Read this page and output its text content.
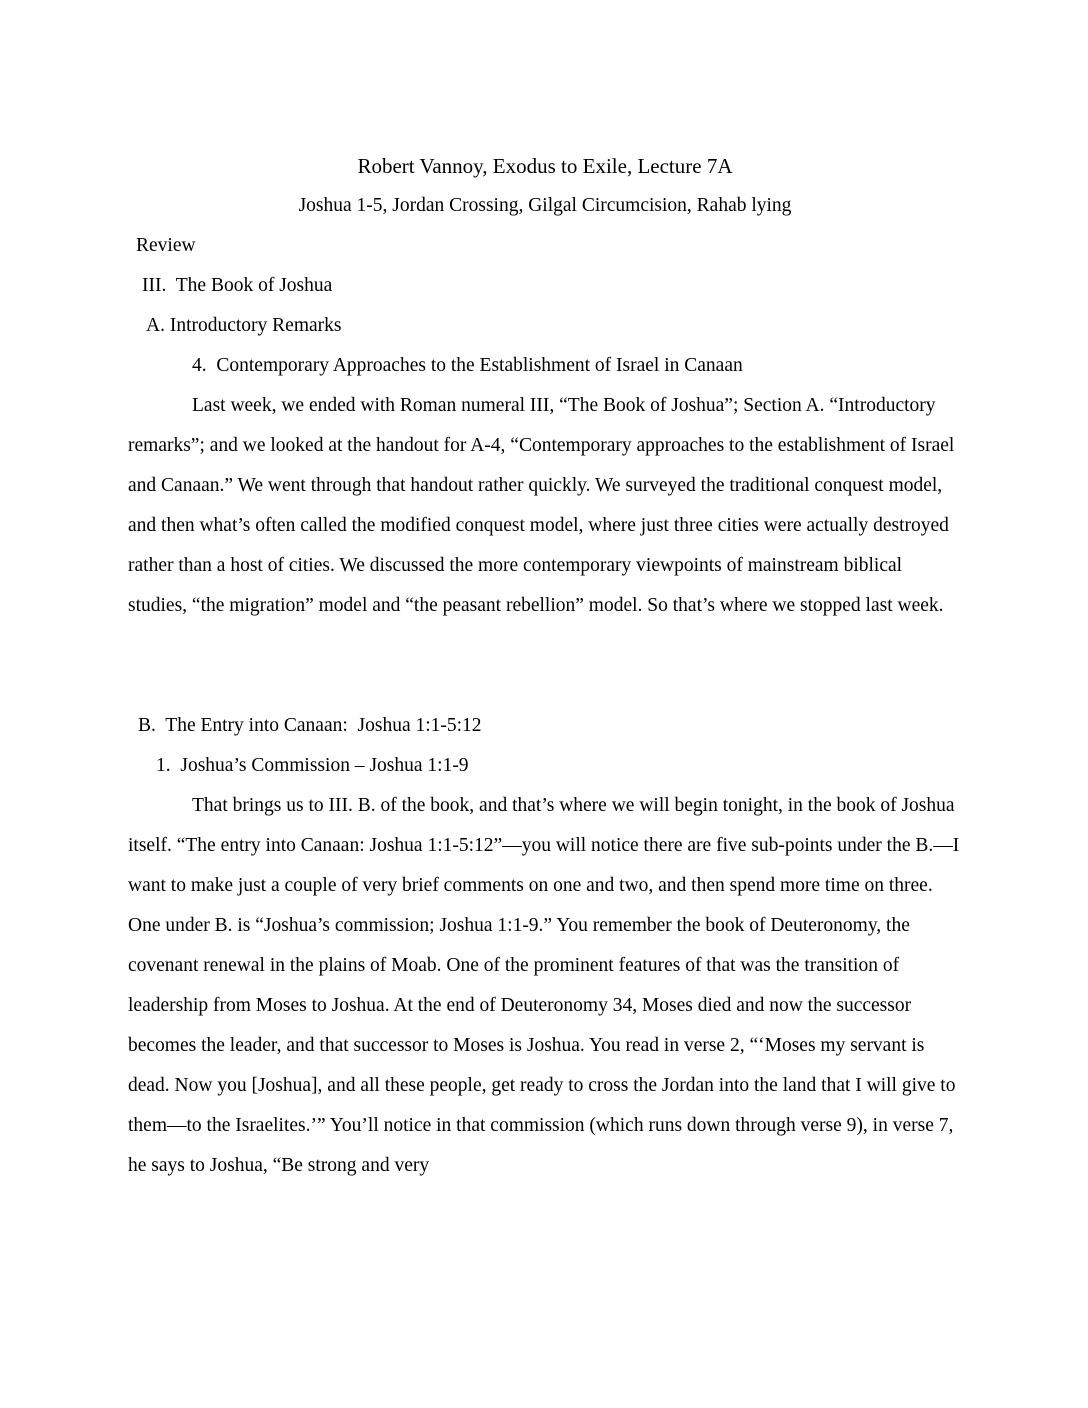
Robert Vannoy, Exodus to Exile, Lecture 7A
Joshua 1-5, Jordan Crossing, Gilgal Circumcision, Rahab lying
Review
III.  The Book of Joshua
A. Introductory Remarks
4.  Contemporary Approaches to the Establishment of Israel in Canaan

Last week, we ended with Roman numeral III, “The Book of Joshua”; Section A. “Introductory remarks”; and we looked at the handout for A-4, “Contemporary approaches to the establishment of Israel and Canaan.” We went through that handout rather quickly. We surveyed the traditional conquest model, and then what’s often called the modified conquest model, where just three cities were actually destroyed rather than a host of cities. We discussed the more contemporary viewpoints of mainstream biblical studies, “the migration” model and “the peasant rebellion” model. So that’s where we stopped last week.

B.  The Entry into Canaan:  Joshua 1:1-5:12
1.  Joshua’s Commission – Joshua 1:1-9

That brings us to III. B. of the book, and that’s where we will begin tonight, in the book of Joshua itself. “The entry into Canaan: Joshua 1:1-5:12”—you will notice there are five sub-points under the B.—I want to make just a couple of very brief comments on one and two, and then spend more time on three. One under B. is “Joshua’s commission; Joshua 1:1-9.” You remember the book of Deuteronomy, the covenant renewal in the plains of Moab. One of the prominent features of that was the transition of leadership from Moses to Joshua. At the end of Deuteronomy 34, Moses died and now the successor becomes the leader, and that successor to Moses is Joshua. You read in verse 2, “‘Moses my servant is dead. Now you [Joshua], and all these people, get ready to cross the Jordan into the land that I will give to them—to the Israelites.’” You’ll notice in that commission (which runs down through verse 9), in verse 7, he says to Joshua, “Be strong and very
